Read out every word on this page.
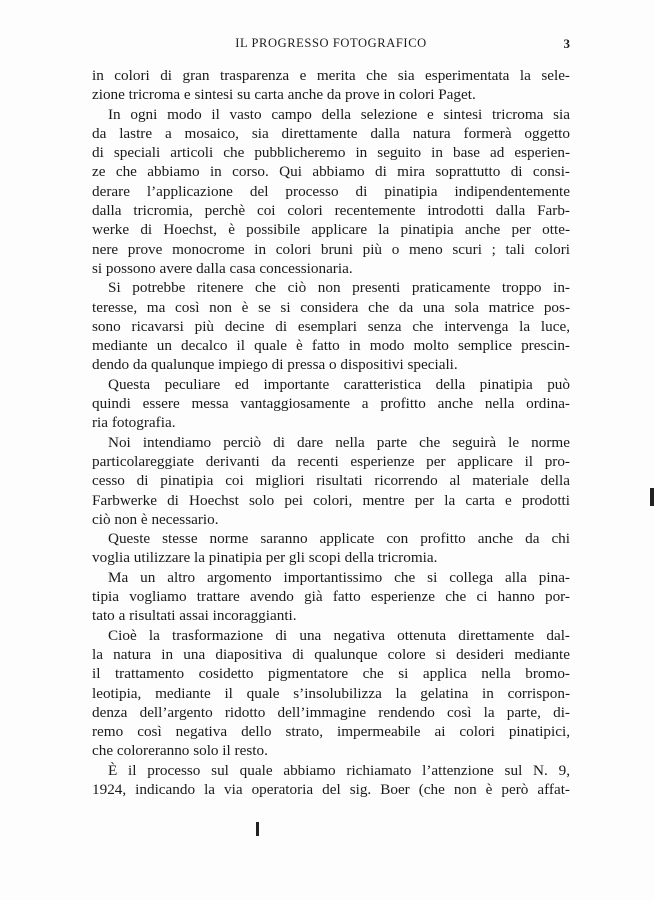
IL PROGRESSO FOTOGRAFICO	3
in colori di gran trasparenza e merita che sia esperimentata la sele-
zione tricroma e sintesi su carta anche da prove in colori Paget.
In ogni modo il vasto campo della selezione e sintesi tricroma sia
da lastre a mosaico, sia direttamente dalla natura formerà oggetto
di speciali articoli che pubblicheremo in seguito in base ad esperien-
ze che abbiamo in corso. Qui abbiamo di mira soprattutto di consi-
derare l’applicazione del processo di pinatipia indipendentemente
dalla tricromia, perchè coi colori recentemente introdotti dalla Farb-
werke di Hoechst, è possibile applicare la pinatipia anche per otte-
nere prove monocrome in colori bruni più o meno scuri ; tali colori
si possono avere dalla casa concessionaria.
Si potrebbe ritenere che ciò non presenti praticamente troppo in-
teresse, ma così non è se si considera che da una sola matrice pos-
sono ricavarsi più decine di esemplari senza che intervenga la luce,
mediante un decalco il quale è fatto in modo molto semplice prescin-
dendo da qualunque impiego di pressa o dispositivi speciali.
Questa peculiare ed importante caratteristica della pinatipia può
quindi essere messa vantaggiosamente a profitto anche nella ordina-
ria fotografia.
Noi intendiamo perciò di dare nella parte che seguirà le norme
particolareggiate derivanti da recenti esperienze per applicare il pro-
cesso di pinatipia coi migliori risultati ricorrendo al materiale della
Farbwerke di Hoechst solo pei colori, mentre per la carta e prodotti
ciò non è necessario.
Queste stesse norme saranno applicate con profitto anche da chi
voglia utilizzare la pinatipia per gli scopi della tricromia.
Ma un altro argomento importantissimo che si collega alla pina-
tipia vogliamo trattare avendo già fatto esperienze che ci hanno por-
tato a risultati assai incoraggianti.
Cioè la trasformazione di una negativa ottenuta direttamente dal-
la natura in una diapositiva di qualunque colore si desideri mediante
il trattamento cosidetto pigmentatore che si applica nella bromo-
leotipia, mediante il quale s’insolubilizza la gelatina in corrispon-
denza dell’argento ridotto dell’immagine rendendo così la parte, di-
remo così negativa dello strato, impermeabile ai colori pinatipici,
che coloreranno solo il resto.
È il processo sul quale abbiamo richiamato l’attenzione sul N. 9,
1924, indicando la via operatoria del sig. Boer (che non è però affat-
